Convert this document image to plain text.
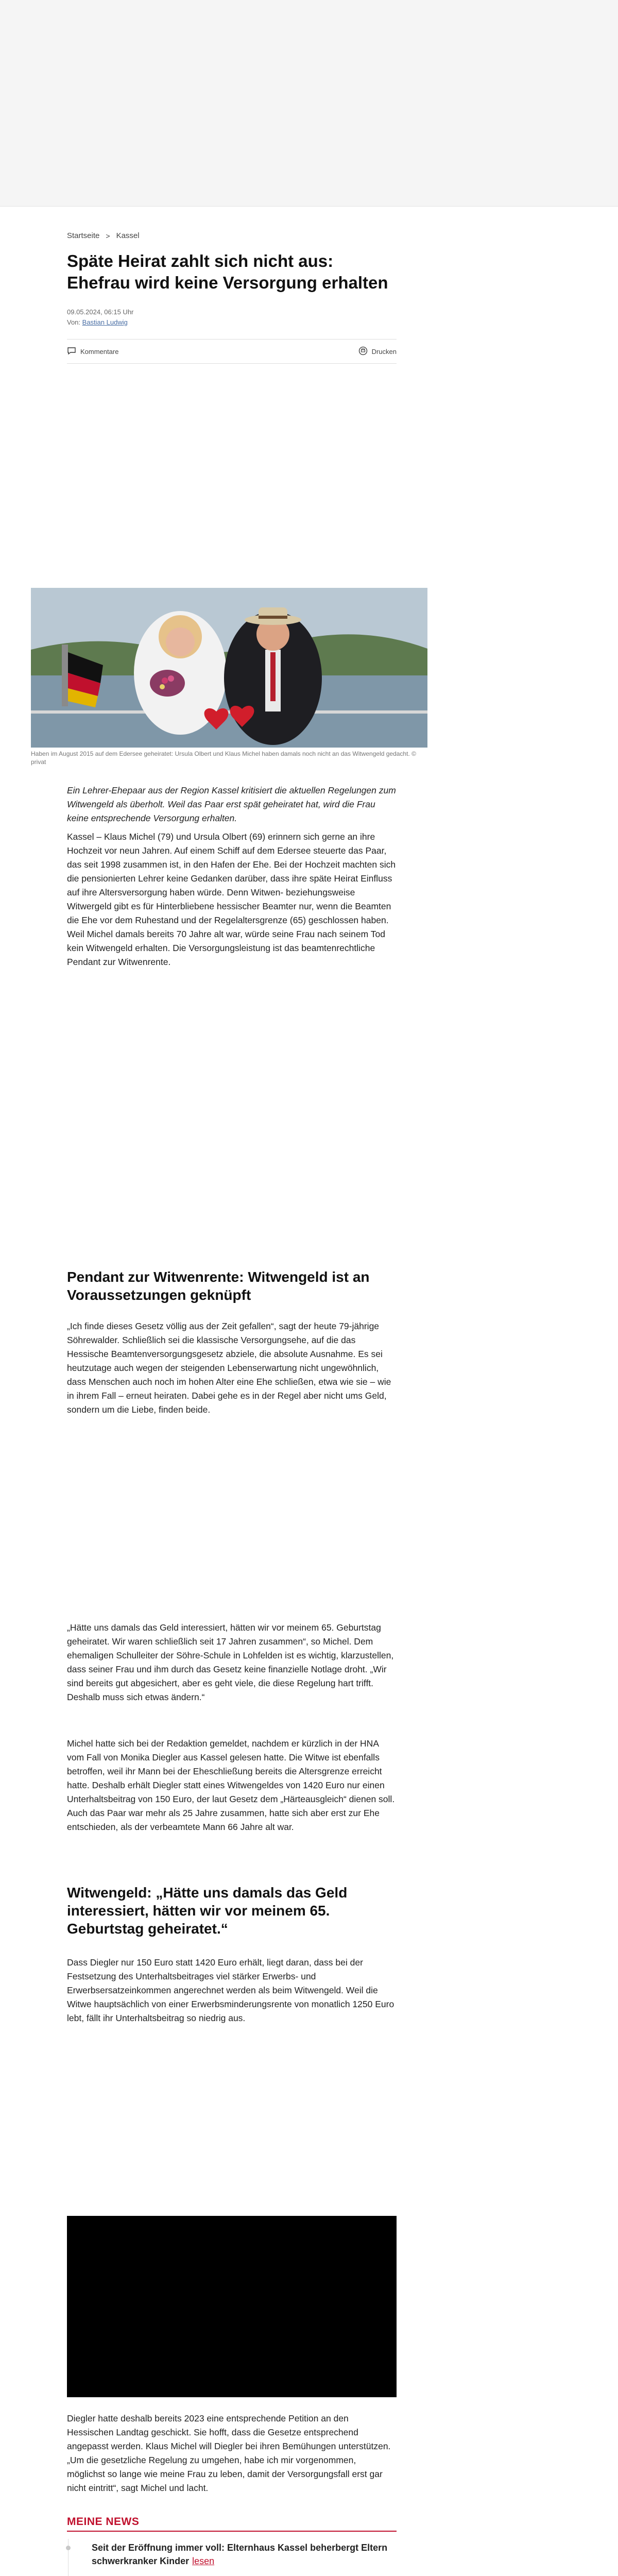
Startseite > Kassel
Späte Heirat zahlt sich nicht aus: Ehefrau wird keine Versorgung erhalten
09.05.2024, 06:15 Uhr
Von: Bastian Ludwig
Kommentare	Drucken
Haben im August 2015 auf dem Edersee geheiratet: Ursula Olbert und Klaus Michel haben damals noch nicht an das Witwengeld gedacht. © privat

Ein Lehrer-Ehepaar aus der Region Kassel kritisiert die aktuellen Regelungen zum Witwengeld als überholt. Weil das Paar erst spät geheiratet hat, wird die Frau keine entsprechende Versorgung erhalten.

Kassel – Klaus Michel (79) und Ursula Olbert (69) erinnern sich gerne an ihre Hochzeit vor neun Jahren. Auf einem Schiff auf dem Edersee steuerte das Paar, das seit 1998 zusammen ist, in den Hafen der Ehe. Bei der Hochzeit machten sich die pensionierten Lehrer keine Gedanken darüber, dass ihre späte Heirat Einfluss auf ihre Altersversorgung haben würde. Denn Witwen- beziehungsweise Witwergeld gibt es für Hinterbliebene hessischer Beamter nur, wenn die Beamten die Ehe vor dem Ruhestand und der Regelaltersgrenze (65) geschlossen haben. Weil Michel damals bereits 70 Jahre alt war, würde seine Frau nach seinem Tod kein Witwengeld erhalten. Die Versorgungsleistung ist das beamtenrechtliche Pendant zur Witwenrente.

Pendant zur Witwenrente: Witwengeld ist an Voraussetzungen geknüpft

„Ich finde dieses Gesetz völlig aus der Zeit gefallen“, sagt der heute 79-jährige Söhrewalder. Schließlich sei die klassische Versorgungsehe, auf die das Hessische Beamtenversorgungsgesetz abziele, die absolute Ausnahme. Es sei heutzutage auch wegen der steigenden Lebenserwartung nicht ungewöhnlich, dass Menschen auch noch im hohen Alter eine Ehe schließen, etwa wie sie – wie in ihrem Fall – erneut heiraten. Dabei gehe es in der Regel aber nicht ums Geld, sondern um die Liebe, finden beide.

„Hätte uns damals das Geld interessiert, hätten wir vor meinem 65. Geburtstag geheiratet. Wir waren schließlich seit 17 Jahren zusammen“, so Michel. Dem ehemaligen Schulleiter der Söhre-Schule in Lohfelden ist es wichtig, klarzustellen, dass seiner Frau und ihm durch das Gesetz keine finanzielle Notlage droht. „Wir sind bereits gut abgesichert, aber es geht viele, die diese Regelung hart trifft. Deshalb muss sich etwas ändern.“

Michel hatte sich bei der Redaktion gemeldet, nachdem er kürzlich in der HNA vom Fall von Monika Diegler aus Kassel gelesen hatte. Die Witwe ist ebenfalls betroffen, weil ihr Mann bei der Eheschließung bereits die Altersgrenze erreicht hatte. Deshalb erhält Diegler statt eines Witwengeldes von 1420 Euro nur einen Unterhaltsbeitrag von 150 Euro, der laut Gesetz dem „Härteausgleich“ dienen soll. Auch das Paar war mehr als 25 Jahre zusammen, hatte sich aber erst zur Ehe entschieden, als der verbeamtete Mann 66 Jahre alt war.

Witwengeld: „Hätte uns damals das Geld interessiert, hätten wir vor meinem 65. Geburtstag geheiratet.“

Dass Diegler nur 150 Euro statt 1420 Euro erhält, liegt daran, dass bei der Festsetzung des Unterhaltsbeitrages viel stärker Erwerbs- und Erwerbsersatzeinkommen angerechnet werden als beim Witwengeld. Weil die Witwe hauptsächlich von einer Erwerbsminderungsrente von monatlich 1250 Euro lebt, fällt ihr Unterhaltsbeitrag so niedrig aus.

Diegler hatte deshalb bereits 2023 eine entsprechende Petition an den Hessischen Landtag geschickt. Sie hofft, dass die Gesetze entsprechend angepasst werden. Klaus Michel will Diegler bei ihren Bemühungen unterstützen. „Um die gesetzliche Regelung zu umgehen, habe ich mir vorgenommen, möglichst so lange wie meine Frau zu leben, damit der Versorgungsfall erst gar nicht eintritt“, sagt Michel und lacht.

MEINE NEWS
Seit der Eröffnung immer voll: Elternhaus Kassel beherbergt Eltern schwerkranker Kinder lesen
